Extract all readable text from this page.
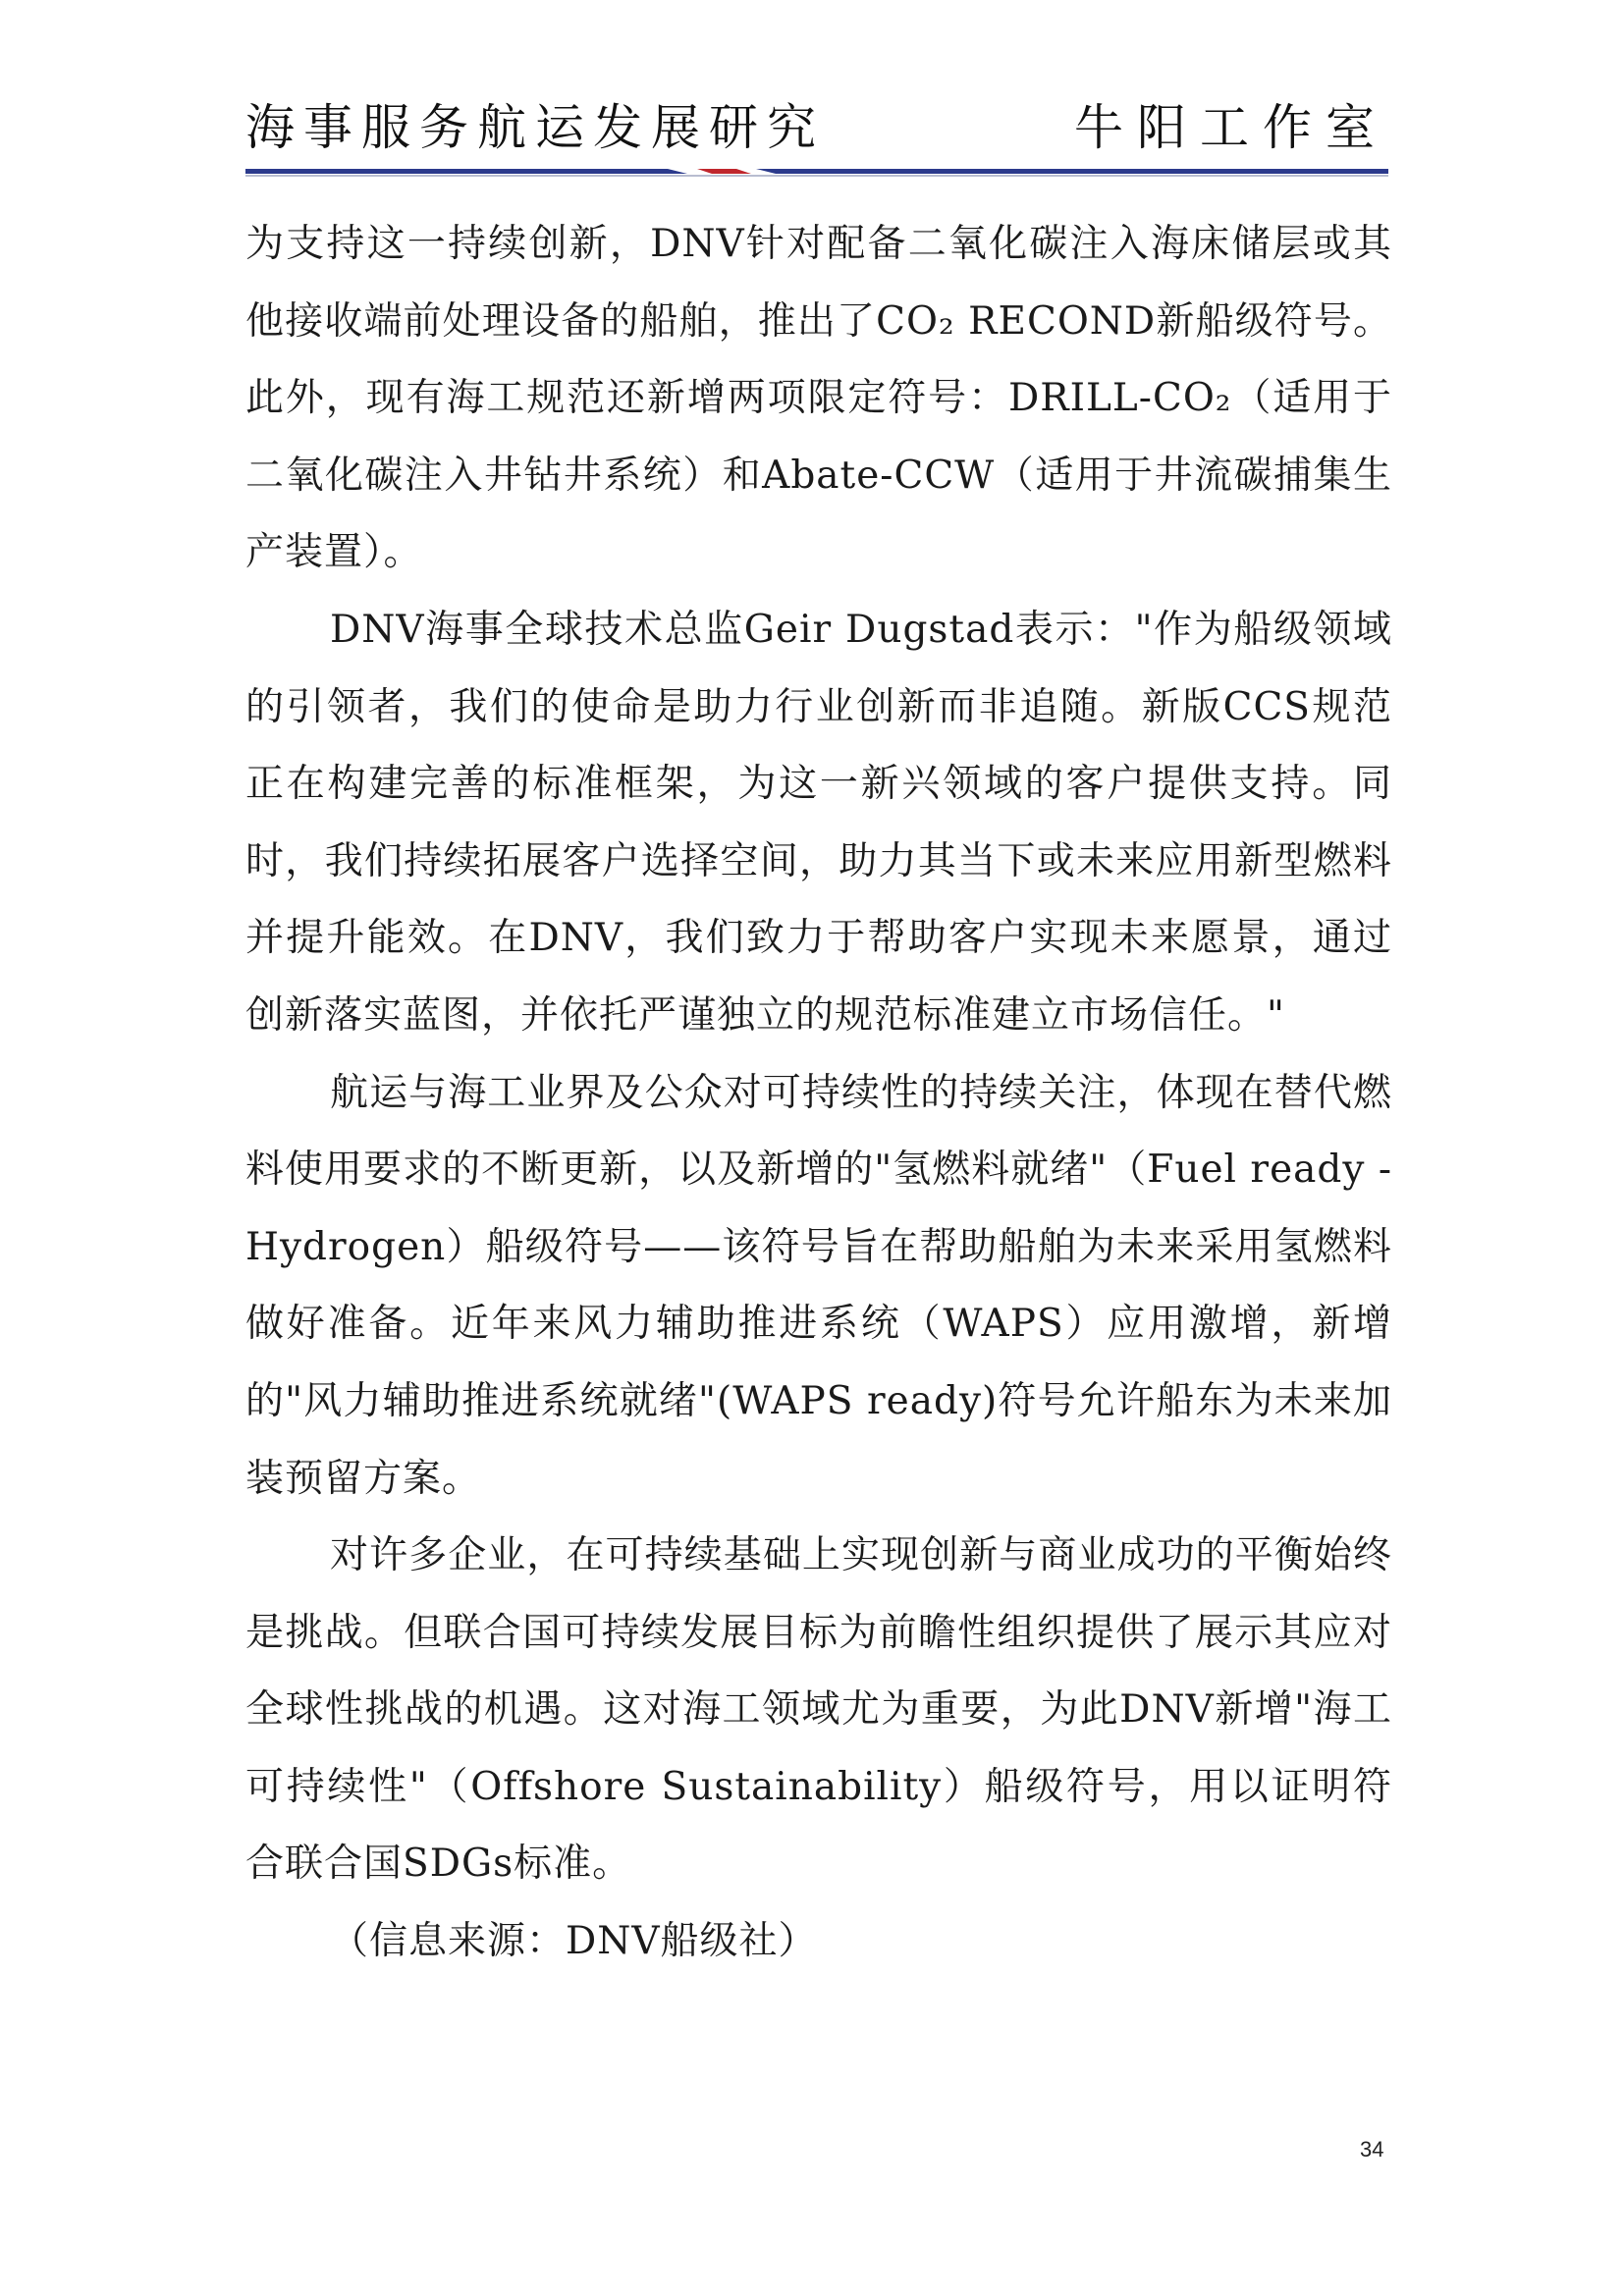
海事服务航运发展研究	牛阳工作室

为支持这一持续创新，DNV针对配备二氧化碳注入海床储层或其他接收端前处理设备的船舶，推出了CO₂ RECOND新船级符号。此外，现有海工规范还新增两项限定符号：DRILL-CO₂（适用于二氧化碳注入井钻井系统）和Abate-CCW（适用于井流碳捕集生产装置）。

DNV海事全球技术总监Geir Dugstad表示："作为船级领域的引领者，我们的使命是助力行业创新而非追随。新版CCS规范正在构建完善的标准框架，为这一新兴领域的客户提供支持。同时，我们持续拓展客户选择空间，助力其当下或未来应用新型燃料并提升能效。在DNV，我们致力于帮助客户实现未来愿景，通过创新落实蓝图，并依托严谨独立的规范标准建立市场信任。"

航运与海工业界及公众对可持续性的持续关注，体现在替代燃料使用要求的不断更新，以及新增的"氢燃料就绪"（Fuel ready - Hydrogen）船级符号——该符号旨在帮助船舶为未来采用氢燃料做好准备。近年来风力辅助推进系统（WAPS）应用激增，新增的"风力辅助推进系统就绪"(WAPS ready)符号允许船东为未来加装预留方案。

对许多企业，在可持续基础上实现创新与商业成功的平衡始终是挑战。但联合国可持续发展目标为前瞻性组织提供了展示其应对全球性挑战的机遇。这对海工领域尤为重要，为此DNV新增"海工可持续性"（Offshore Sustainability）船级符号，用以证明符合联合国SDGs标准。

（信息来源：DNV船级社）

34
